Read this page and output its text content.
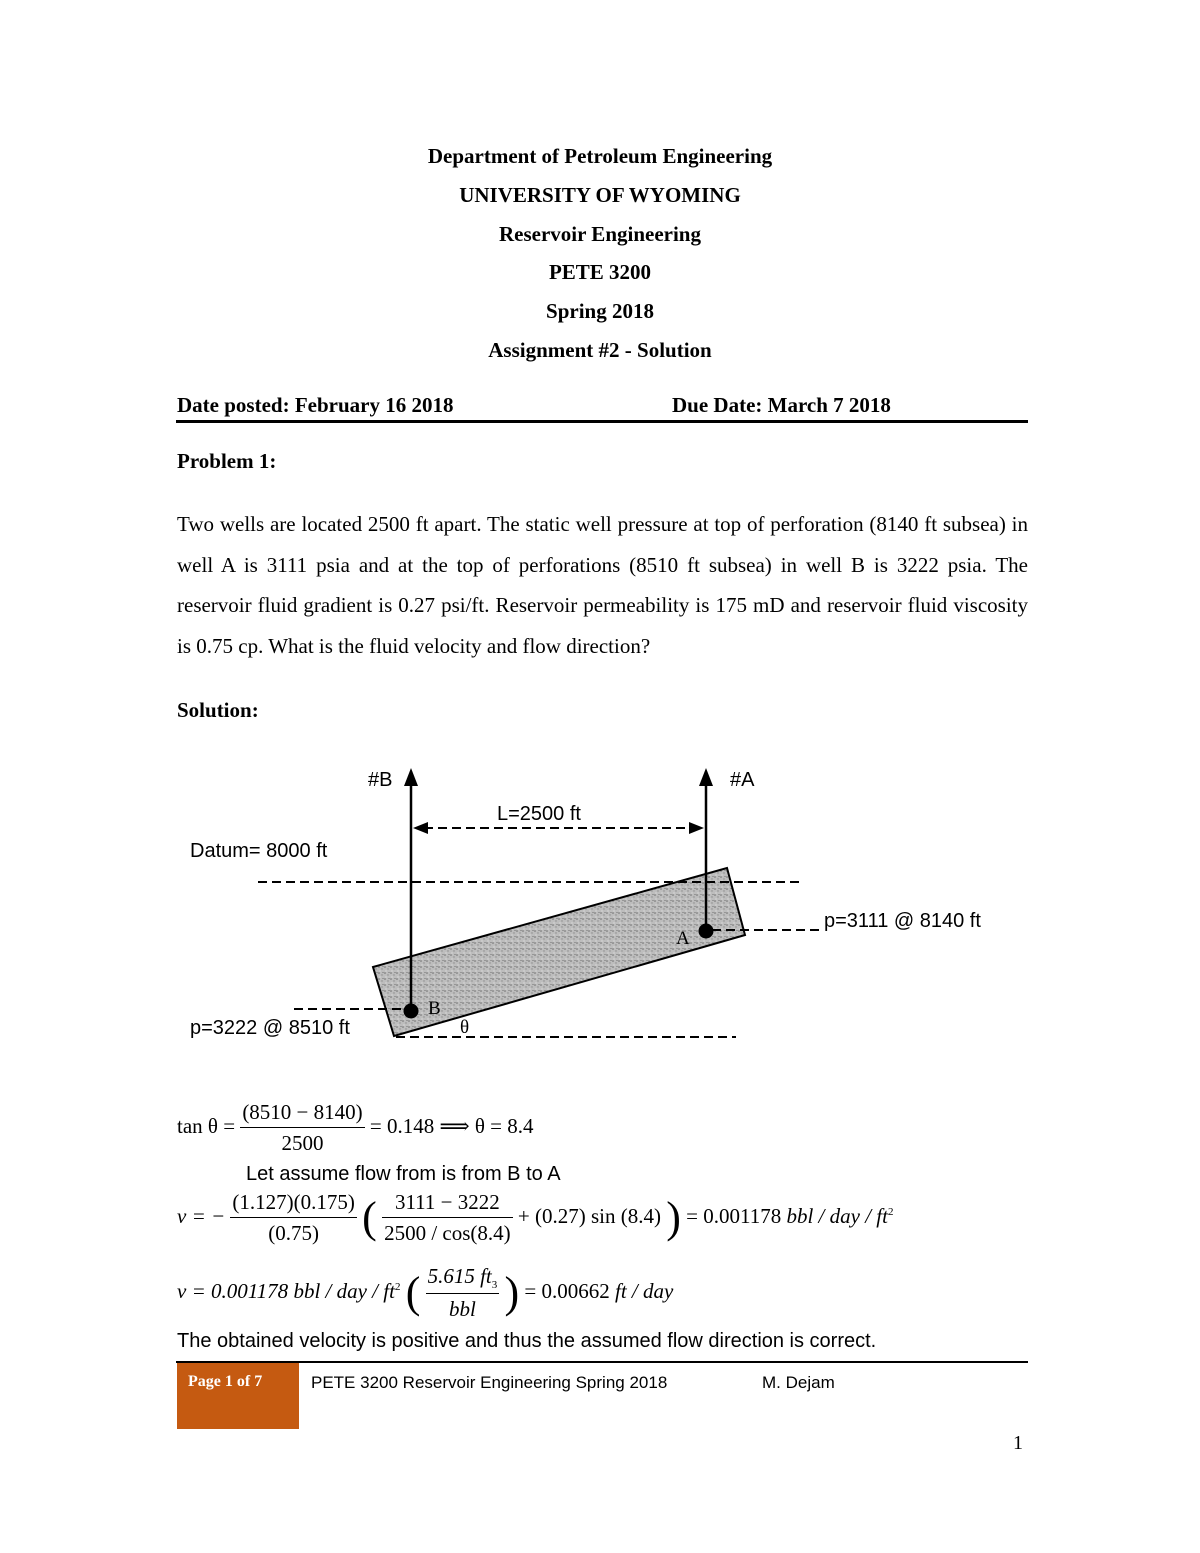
Department of Petroleum Engineering
UNIVERSITY OF WYOMING
Reservoir Engineering
PETE 3200
Spring 2018
Assignment #2 - Solution
Date posted: February 16 2018	Due Date: March 7 2018
Problem 1:
Two wells are located 2500 ft apart. The static well pressure at top of perforation (8140 ft subsea) in well A is 3111 psia and at the top of perforations (8510 ft subsea) in well B is 3222 psia. The reservoir fluid gradient is 0.27 psi/ft. Reservoir permeability is 175 mD and reservoir fluid viscosity is 0.75 cp. What is the fluid velocity and flow direction?
Solution:
#B	#A
L=2500 ft
Datum= 8000 ft
p=3111 @ 8140 ft
p=3222 @ 8510 ft
A
B
θ
$\tan \theta = \frac{(8510 - 8140)}{2500} = 0.148$ ⟹ θ = 8.4
Let assume flow from is from B to A
v = − $\frac{(1.127)(0.175)}{(0.75)}$ ( $\frac{3111 - 3222}{2500 / \cos(8.4)} + (0.27)$ sin (8.4) ) = 0.001178 bbl / day / $ft^2$
v = 0.001178 bbl / day / $ft^2$ ( $\frac{5.615 ft_3}{\text{bbl}}$ ) = 0.00662 ft / day
The obtained velocity is positive and thus the assumed flow direction is correct.
Page 1 of 7	PETE 3200 Reservoir Engineering Spring 2018	M. Dejam
1
